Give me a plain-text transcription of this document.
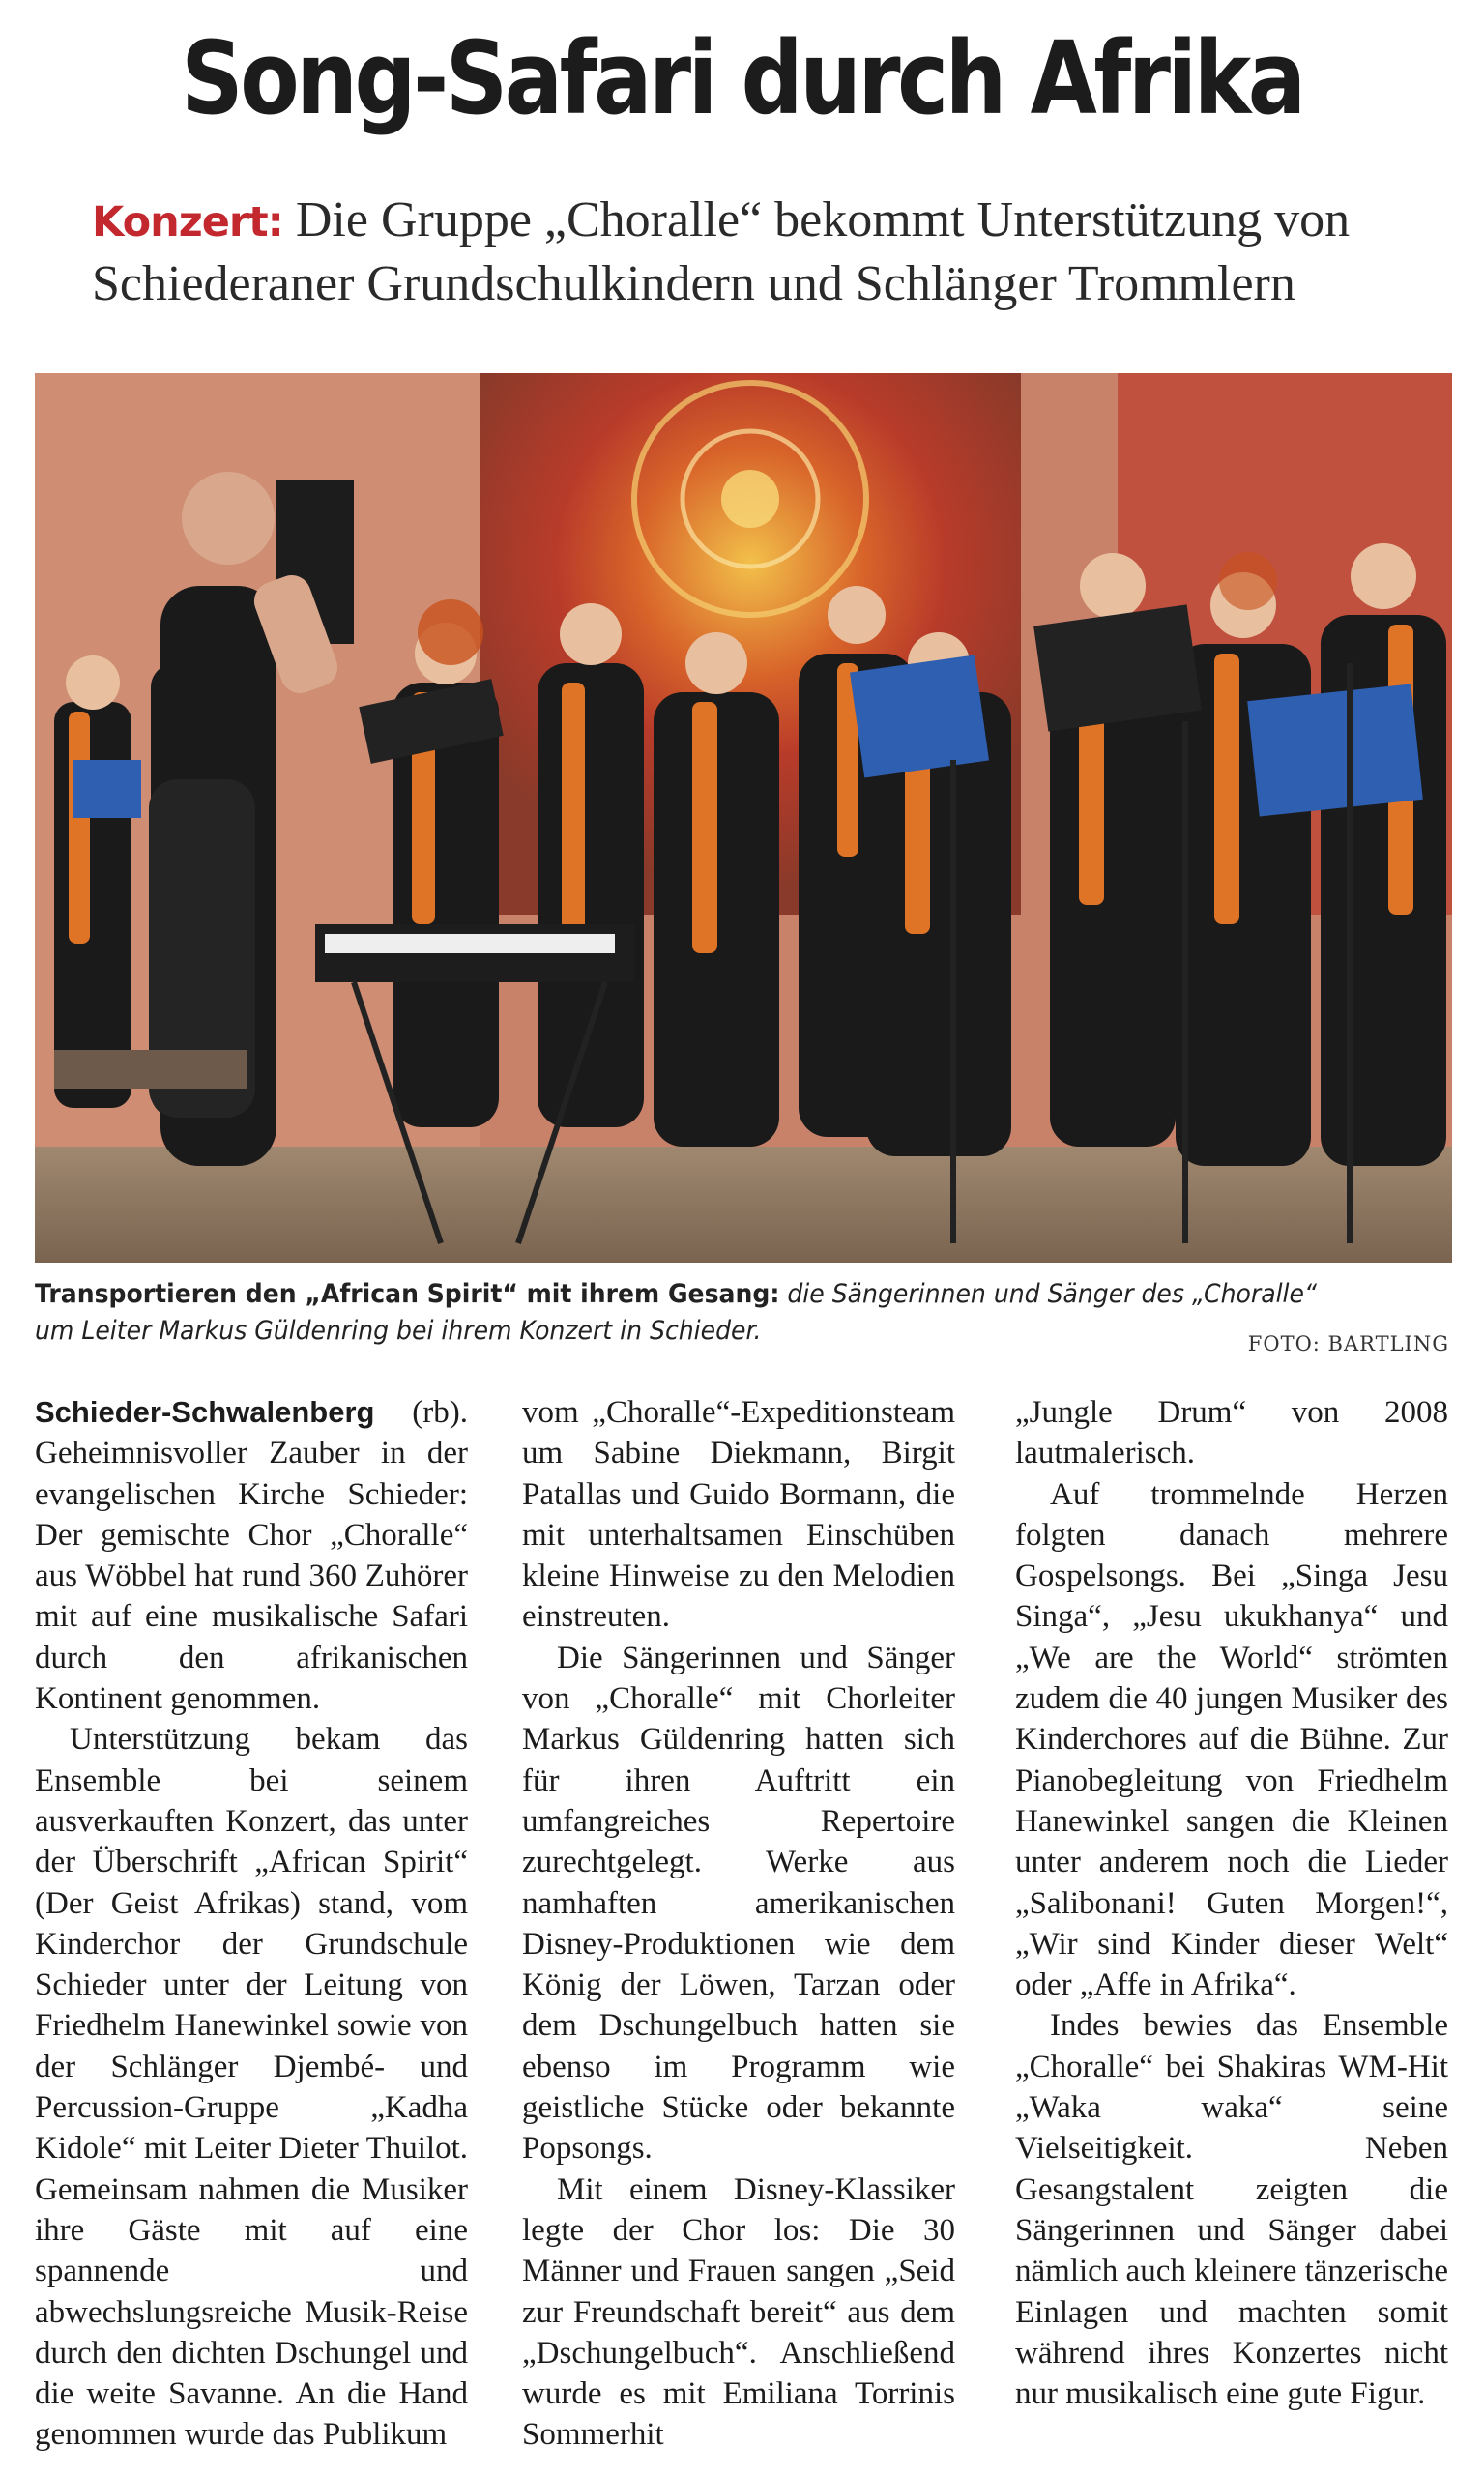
Song-Safari durch Afrika

Konzert: Die Gruppe „Choralle“ bekommt Unterstützung von Schiederaner Grundschulkindern und Schlänger Trommlern

Transportieren den „African Spirit“ mit ihrem Gesang: die Sängerinnen und Sänger des „Choralle“ um Leiter Markus Güldenring bei ihrem Konzert in Schieder.	FOTO: BARTLING

Schieder-Schwalenberg (rb). Geheimnisvoller Zauber in der evangelischen Kirche Schieder: Der gemischte Chor „Choralle“ aus Wöbbel hat rund 360 Zuhörer mit auf eine musikalische Safari durch den afrikanischen Kontinent genommen.

Unterstützung bekam das Ensemble bei seinem ausverkauften Konzert, das unter der Überschrift „African Spirit“ (Der Geist Afrikas) stand, vom Kinderchor der Grundschule Schieder unter der Leitung von Friedhelm Hanewinkel sowie von der Schlänger Djembé- und Percussion-Gruppe „Kadha Kidole“ mit Leiter Dieter Thuilot. Gemeinsam nahmen die Musiker ihre Gäste mit auf eine spannende und abwechslungsreiche Musik-Reise durch den dichten Dschungel und die weite Savanne. An die Hand genommen wurde das Publikum

vom „Choralle“-Expeditionsteam um Sabine Diekmann, Birgit Patallas und Guido Bormann, die mit unterhaltsamen Einschüben kleine Hinweise zu den Melodien einstreuten.

Die Sängerinnen und Sänger von „Choralle“ mit Chorleiter Markus Güldenring hatten sich für ihren Auftritt ein umfangreiches Repertoire zurechtgelegt. Werke aus namhaften amerikanischen Disney-Produktionen wie dem König der Löwen, Tarzan oder dem Dschungelbuch hatten sie ebenso im Programm wie geistliche Stücke oder bekannte Popsongs.

Mit einem Disney-Klassiker legte der Chor los: Die 30 Männer und Frauen sangen „Seid zur Freundschaft bereit“ aus dem „Dschungelbuch“. Anschließend wurde es mit Emiliana Torrinis Sommerhit

„Jungle Drum“ von 2008 lautmalerisch.

Auf trommelnde Herzen folgten danach mehrere Gospelsongs. Bei „Singa Jesu Singa“, „Jesu ukukhanya“ und „We are the World“ strömten zudem die 40 jungen Musiker des Kinderchores auf die Bühne. Zur Pianobegleitung von Friedhelm Hanewinkel sangen die Kleinen unter anderem noch die Lieder „Salibonani! Guten Morgen!“, „Wir sind Kinder dieser Welt“ oder „Affe in Afrika“.

Indes bewies das Ensemble „Choralle“ bei Shakiras WM-Hit „Waka waka“ seine Vielseitigkeit. Neben Gesangstalent zeigten die Sängerinnen und Sänger dabei nämlich auch kleinere tänzerische Einlagen und machten somit während ihres Konzertes nicht nur musikalisch eine gute Figur.
